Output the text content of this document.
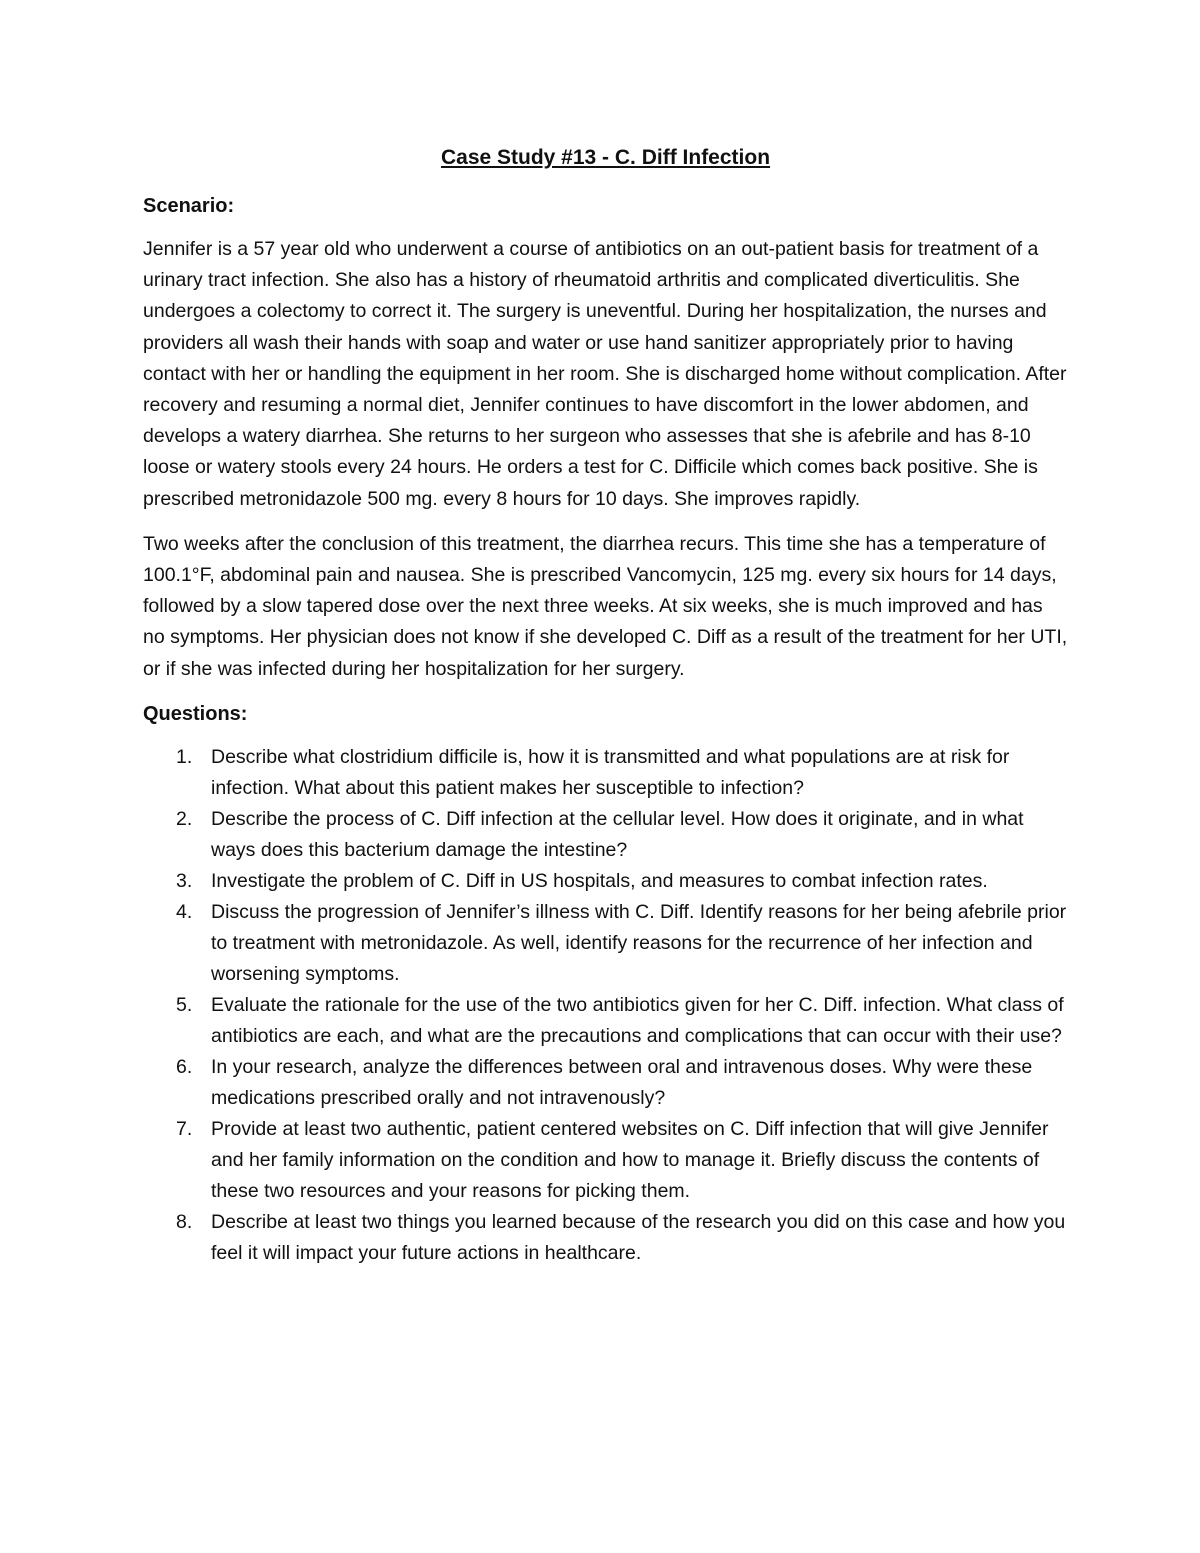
Case Study #13 - C. Diff Infection
Scenario:

Jennifer is a 57 year old who underwent a course of antibiotics on an out-patient basis for treatment of a urinary tract infection. She also has a history of rheumatoid arthritis and complicated diverticulitis. She undergoes a colectomy to correct it. The surgery is uneventful. During her hospitalization, the nurses and providers all wash their hands with soap and water or use hand sanitizer appropriately prior to having contact with her or handling the equipment in her room. She is discharged home without complication. After recovery and resuming a normal diet, Jennifer continues to have discomfort in the lower abdomen, and develops a watery diarrhea. She returns to her surgeon who assesses that she is afebrile and has 8-10 loose or watery stools every 24 hours. He orders a test for C. Difficile which comes back positive. She is prescribed metronidazole 500 mg. every 8 hours for 10 days. She improves rapidly.

Two weeks after the conclusion of this treatment, the diarrhea recurs. This time she has a temperature of 100.1°F, abdominal pain and nausea. She is prescribed Vancomycin, 125 mg. every six hours for 14 days, followed by a slow tapered dose over the next three weeks. At six weeks, she is much improved and has no symptoms. Her physician does not know if she developed C. Diff as a result of the treatment for her UTI, or if she was infected during her hospitalization for her surgery.

Questions:
1. Describe what clostridium difficile is, how it is transmitted and what populations are at risk for infection. What about this patient makes her susceptible to infection?
2. Describe the process of C. Diff infection at the cellular level. How does it originate, and in what ways does this bacterium damage the intestine?
3. Investigate the problem of C. Diff in US hospitals, and measures to combat infection rates.
4. Discuss the progression of Jennifer’s illness with C. Diff. Identify reasons for her being afebrile prior to treatment with metronidazole. As well, identify reasons for the recurrence of her infection and worsening symptoms.
5. Evaluate the rationale for the use of the two antibiotics given for her C. Diff. infection. What class of antibiotics are each, and what are the precautions and complications that can occur with their use?
6. In your research, analyze the differences between oral and intravenous doses. Why were these medications prescribed orally and not intravenously?
7. Provide at least two authentic, patient centered websites on C. Diff infection that will give Jennifer and her family information on the condition and how to manage it. Briefly discuss the contents of these two resources and your reasons for picking them.
8. Describe at least two things you learned because of the research you did on this case and how you feel it will impact your future actions in healthcare.
